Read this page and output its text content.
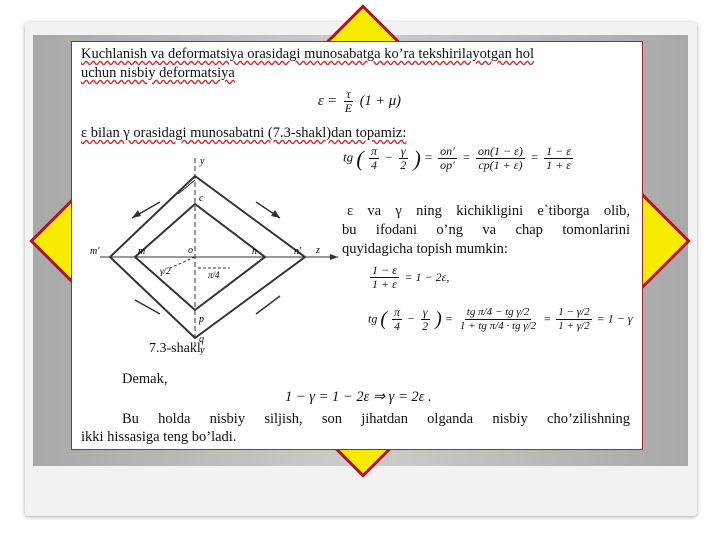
Kuchlanish va deformatsiya orasidagi munosabatga ko’ra tekshirilayotgan hol
uchun nisbiy deformatsiya
$\varepsilon = \frac{\tau}{E} (1 + \mu)$
ε bilan γ orasidagi munosabatni (7.3-shakl)dan topamiz:
tg ( $\frac{\pi}{4} - \frac{\gamma}{2}$ ) = $\frac{on'}{op'} = \frac{on(1 - \varepsilon)}{cp(1 + \varepsilon)} = \frac{1 - \varepsilon}{1 + \varepsilon}$
y
z
m′	m	o	n	n′
c
p
q
y
γ/2	π/4
ε va γ ning kichikligini e`tiborga olib,
bu ifodani o’ng va chap tomonlarini
quyidagicha topish mumkin:
$\frac{1 - \varepsilon}{1 + \varepsilon} = 1 - 2\varepsilon$,
tg ( $\frac{\pi}{4} - \frac{\gamma}{2}$ ) = $\frac{\text{tg π/4 − tg γ/2}}{\text{1 + tg π/4 · tg γ/2}} = \frac{1 - \gamma/2}{1 + \gamma/2} = 1 - \gamma$
7.3-shakl
Demak,
1 − γ = 1 − 2ε ⇒ γ = 2ε .
Bu holda nisbiy siljish, son jihatdan olganda nisbiy cho’zilishning
ikki hissasiga teng bo’ladi.
